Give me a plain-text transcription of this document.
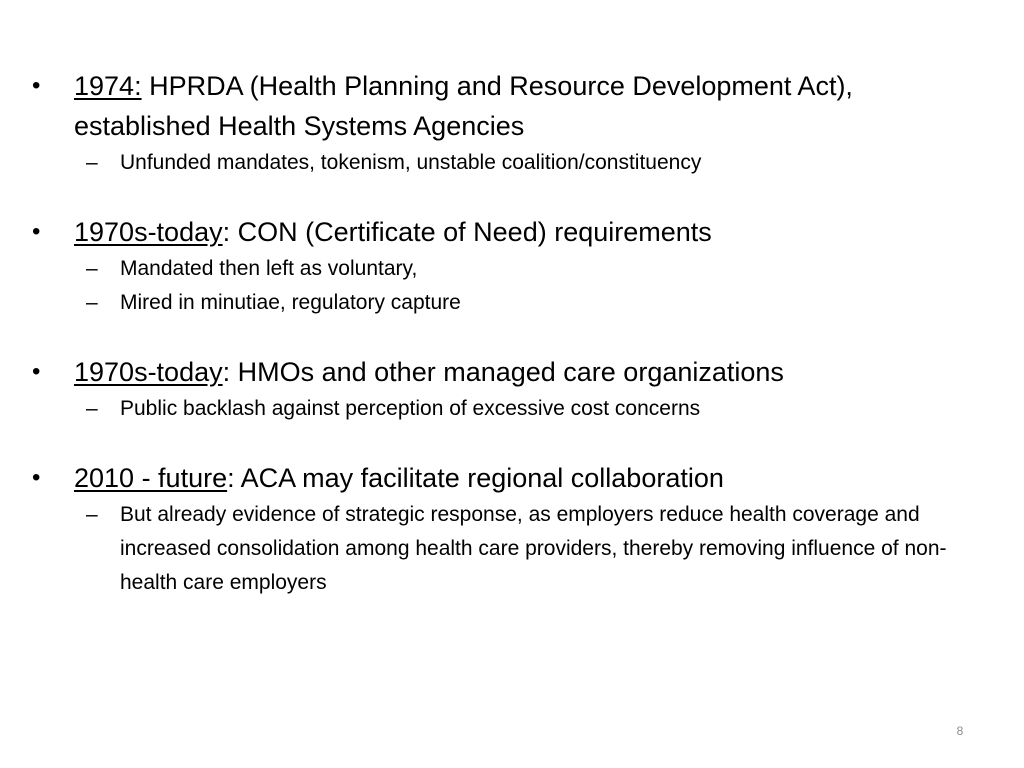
• 1974: HPRDA (Health Planning and Resource Development Act), established Health Systems Agencies
– Unfunded mandates, tokenism, unstable coalition/constituency
• 1970s-today: CON (Certificate of Need) requirements
– Mandated then left as voluntary,
– Mired in minutiae, regulatory capture
• 1970s-today: HMOs and other managed care organizations
– Public backlash against perception of excessive cost concerns
• 2010 - future: ACA may facilitate regional collaboration
– But already evidence of strategic response, as employers reduce health coverage and increased consolidation among health care providers, thereby removing influence of non-health care employers
8
